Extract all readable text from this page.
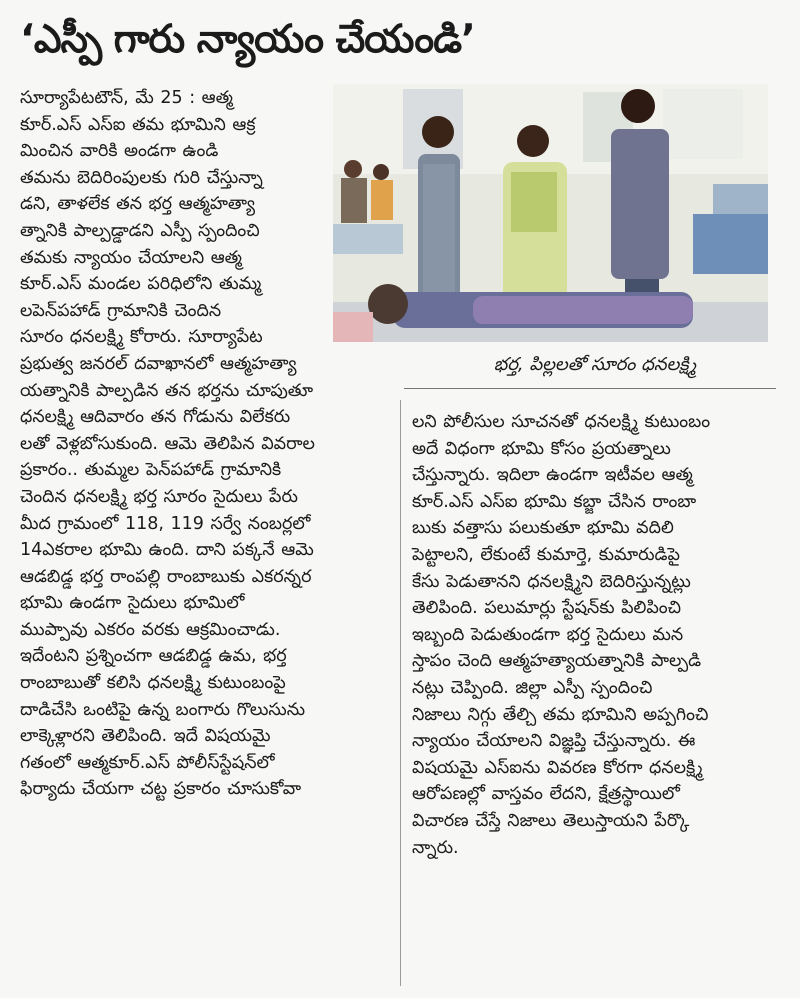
‘ఎస్పీ గారు న్యాయం చేయండి’
భర్త, పిల్లలతో సూరం ధనలక్ష్మి

సూర్యాపేటటౌన్, మే 25 : ఆత్మ

కూర్.ఎస్ ఎస్ఐ తమ భూమిని ఆక్ర

మించిన వారికి అండగా ఉండి

తమను బెదిరింపులకు గురి చేస్తున్నా

డని, తాళలేక తన భర్త ఆత్మహత్యా

త్నానికి పాల్పడ్డాడని ఎస్పీ స్పందించి

తమకు న్యాయం చేయాలని ఆత్మ

కూర్.ఎస్ మండల పరిధిలోని తుమ్మ

లపెన్‌పహాడ్ గ్రామానికి చెందిన

సూరం ధనలక్ష్మి కోరారు. సూర్యాపేట

ప్రభుత్వ జనరల్ దవాఖానలో ఆత్మహత్యా

యత్నానికి పాల్పడిన తన భర్తను చూపుతూ

ధనలక్ష్మి ఆదివారం తన గోడును విలేకరు

లతో వెళ్లబోసుకుంది. ఆమె తెలిపిన వివరాల

ప్రకారం.. తుమ్మల పెన్‌పహాడ్ గ్రామానికి

చెందిన ధనలక్ష్మి భర్త సూరం సైదులు పేరు

మీద గ్రామంలో 118, 119 సర్వే నంబర్లలో

14ఎకరాల భూమి ఉంది. దాని పక్కనే ఆమె

ఆడబిడ్డ భర్త రాంపల్లి రాంబాబుకు ఎకరన్నర

భూమి ఉండగా సైదులు భూమిలో

ముప్పావు ఎకరం వరకు ఆక్రమించాడు.

ఇదేంటని ప్రశ్నించగా ఆడబిడ్డ ఉమ, భర్త

రాంబాబుతో కలిసి ధనలక్ష్మి కుటుంబంపై

దాడిచేసి ఒంటిపై ఉన్న బంగారు గొలుసును

లాక్కెళ్లారని తెలిపింది. ఇదే విషయమై

గతంలో ఆత్మకూర్.ఎస్ పోలీస్‌స్టేషన్‌లో

ఫిర్యాదు చేయగా చట్ట ప్రకారం చూసుకోవా

లని పోలీసుల సూచనతో ధనలక్ష్మి కుటుంబం

అదే విధంగా భూమి కోసం ప్రయత్నాలు

చేస్తున్నారు. ఇదిలా ఉండగా ఇటీవల ఆత్మ

కూర్.ఎస్ ఎస్ఐ భూమి కబ్జా చేసిన రాంబా

బుకు వత్తాసు పలుకుతూ భూమి వదిలి

పెట్టాలని, లేకుంటే కుమార్తె, కుమారుడిపై

కేసు పెడుతానని ధనలక్ష్మిని బెదిరిస్తున్నట్లు

తెలిపింది. పలుమార్లు స్టేషన్‌కు పిలిపించి

ఇబ్బంది పెడుతుండగా భర్త సైదులు మన

స్తాపం చెంది ఆత్మహత్యాయత్నానికి పాల్పడి

నట్లు చెప్పింది. జిల్లా ఎస్పీ స్పందించి

నిజాలు నిగ్గు తేల్చి తమ భూమిని అప్పగించి

న్యాయం చేయాలని విజ్ఞప్తి చేస్తున్నారు. ఈ

విషయమై ఎస్ఐను వివరణ కోరగా ధనలక్ష్మి

ఆరోపణల్లో వాస్తవం లేదని, క్షేత్రస్థాయిలో

విచారణ చేస్తే నిజాలు తెలుస్తాయని పేర్కొ

న్నారు.
